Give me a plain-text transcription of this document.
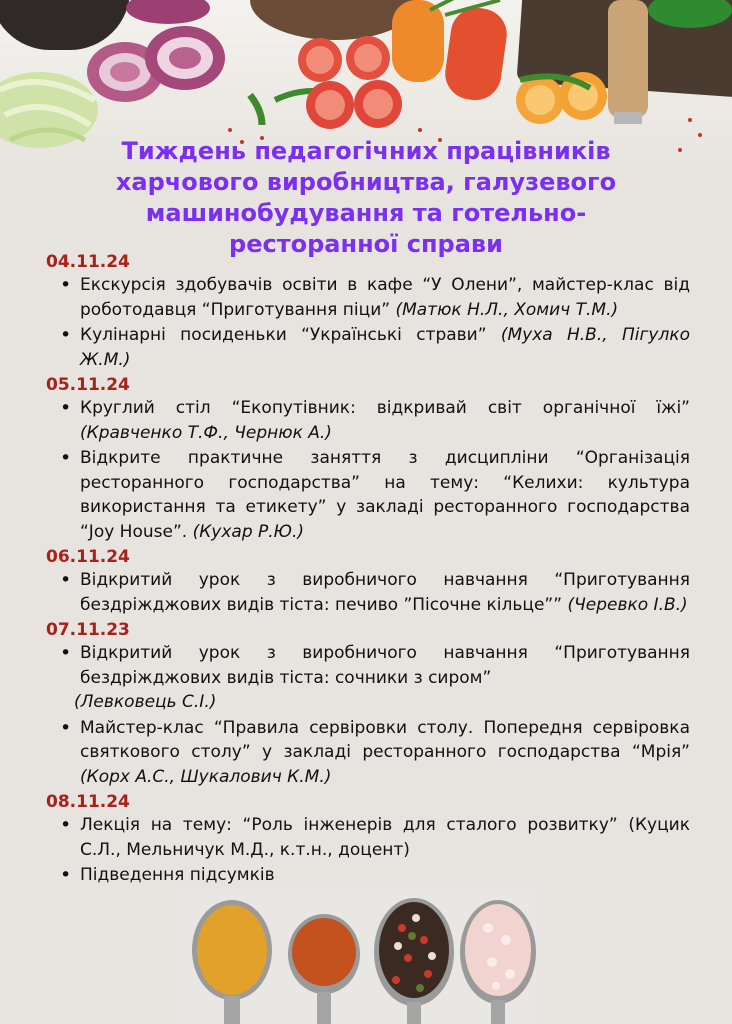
Тиждень педагогічних працівників
харчового виробництва, галузевого
машинобудування та готельно-
ресторанної справи
04.11.24
• Екскурсія здобувачів освіти в кафе “У Олени”, майстер-клас від роботодавця “Приготування піци” (Матюк Н.Л., Хомич Т.М.)
• Кулінарні посиденьки “Українські страви” (Муха Н.В., Пігулко Ж.М.)
05.11.24
• Круглий стіл “Екопутівник: відкривай світ органічної їжі” (Кравченко Т.Ф., Чернюк А.)
• Відкрите практичне заняття з дисципліни “Організація ресторанного господарства” на тему: “Келихи: культура використання та етикету” у закладі ресторанного господарства “Joy House”. (Кухар Р.Ю.)
06.11.24
• Відкритий урок з виробничого навчання “Приготування бездріжджових видів тіста: печиво ”Пісочне кільце”” (Черевко І.В.)
07.11.23
• Відкритий урок з виробничого навчання “Приготування бездріжджових видів тіста: сочники з сиром”
(Левковець С.І.)
• Майстер-клас “Правила сервіровки столу. Попередня сервіровка святкового столу” у закладі ресторанного господарства “Мрія” (Корх А.С., Шукалович К.М.)
08.11.24
• Лекція на тему: “Роль інженерів для сталого розвитку” (Куцик С.Л., Мельничук М.Д., к.т.н., доцент)
• Підведення підсумків
